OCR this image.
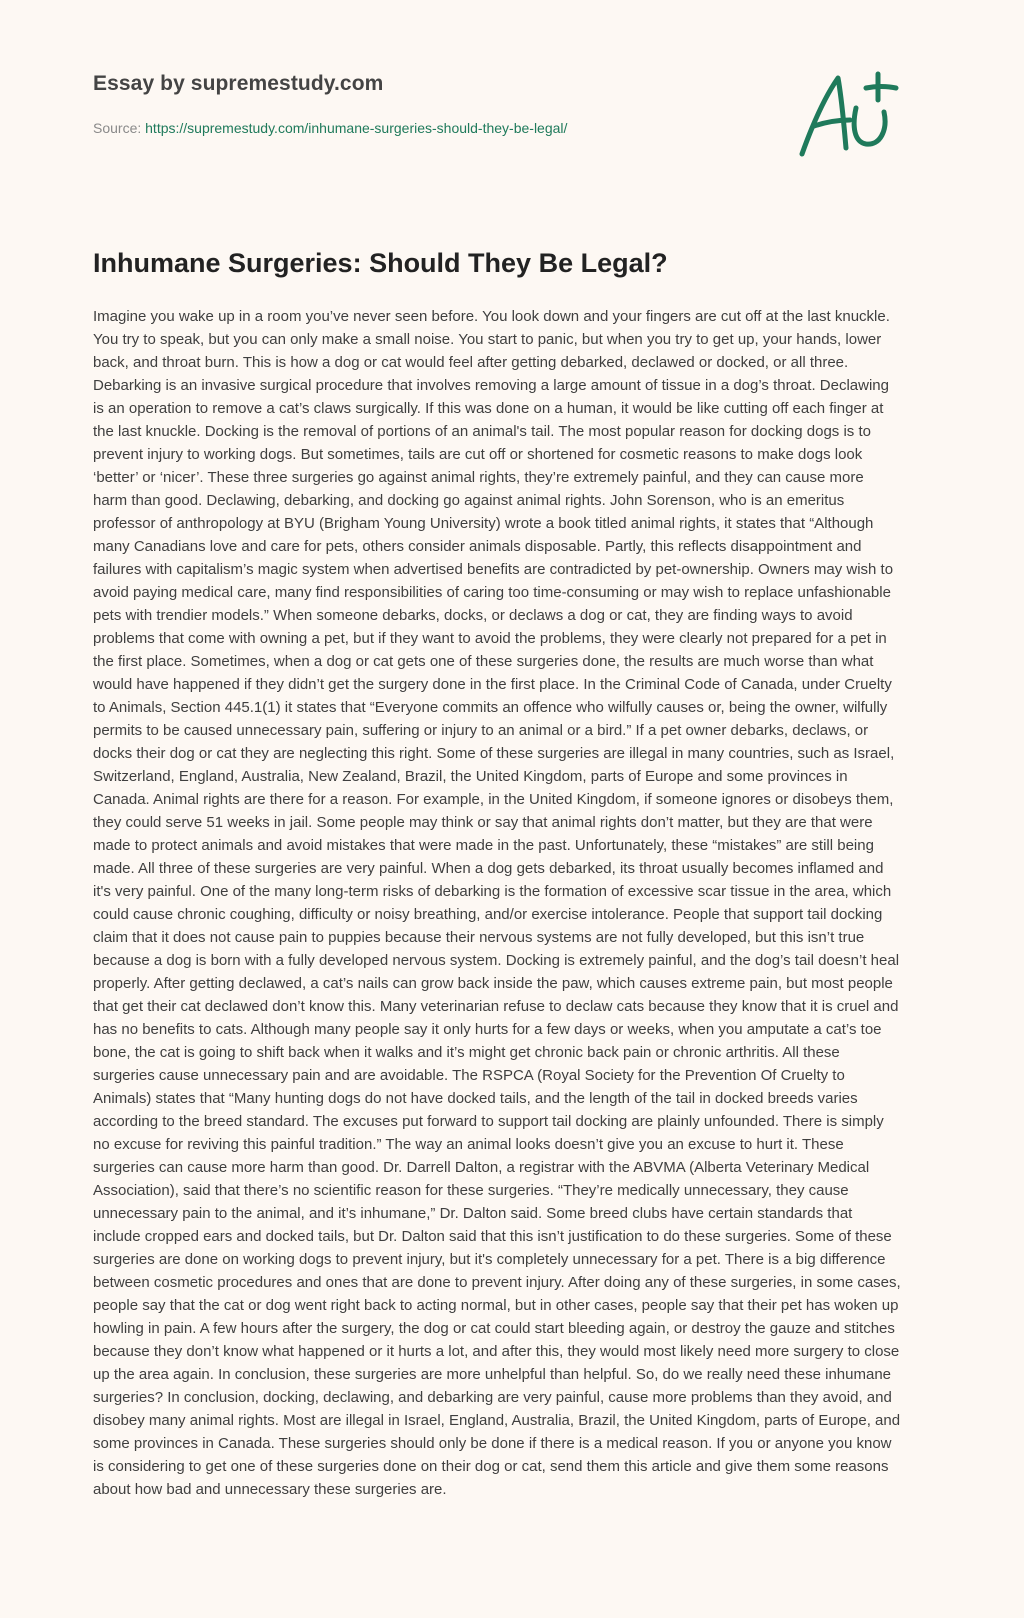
Essay by supremestudy.com

Source: https://supremestudy.com/inhumane-surgeries-should-they-be-legal/

Inhumane Surgeries: Should They Be Legal?

Imagine you wake up in a room you’ve never seen before. You look down and your fingers are cut off at the last knuckle. You try to speak, but you can only make a small noise. You start to panic, but when you try to get up, your hands, lower back, and throat burn. This is how a dog or cat would feel after getting debarked, declawed or docked, or all three. Debarking is an invasive surgical procedure that involves removing a large amount of tissue in a dog’s throat. Declawing is an operation to remove a cat’s claws surgically. If this was done on a human, it would be like cutting off each finger at the last knuckle. Docking is the removal of portions of an animal's tail. The most popular reason for docking dogs is to prevent injury to working dogs. But sometimes, tails are cut off or shortened for cosmetic reasons to make dogs look ‘better’ or ‘nicer’. These three surgeries go against animal rights, they’re extremely painful, and they can cause more harm than good. Declawing, debarking, and docking go against animal rights. John Sorenson, who is an emeritus professor of anthropology at BYU (Brigham Young University) wrote a book titled animal rights, it states that “Although many Canadians love and care for pets, others consider animals disposable. Partly, this reflects disappointment and failures with capitalism’s magic system when advertised benefits are contradicted by pet-ownership. Owners may wish to avoid paying medical care, many find responsibilities of caring too time-consuming or may wish to replace unfashionable pets with trendier models.” When someone debarks, docks, or declaws a dog or cat, they are finding ways to avoid problems that come with owning a pet, but if they want to avoid the problems, they were clearly not prepared for a pet in the first place. Sometimes, when a dog or cat gets one of these surgeries done, the results are much worse than what would have happened if they didn’t get the surgery done in the first place. In the Criminal Code of Canada, under Cruelty to Animals, Section 445.1(1) it states that “Everyone commits an offence who wilfully causes or, being the owner, wilfully permits to be caused unnecessary pain, suffering or injury to an animal or a bird.” If a pet owner debarks, declaws, or docks their dog or cat they are neglecting this right. Some of these surgeries are illegal in many countries, such as Israel, Switzerland, England, Australia, New Zealand, Brazil, the United Kingdom, parts of Europe and some provinces in Canada. Animal rights are there for a reason. For example, in the United Kingdom, if someone ignores or disobeys them, they could serve 51 weeks in jail. Some people may think or say that animal rights don’t matter, but they are that were made to protect animals and avoid mistakes that were made in the past. Unfortunately, these “mistakes” are still being made. All three of these surgeries are very painful. When a dog gets debarked, its throat usually becomes inflamed and it's very painful. One of the many long-term risks of debarking is the formation of excessive scar tissue in the area, which could cause chronic coughing, difficulty or noisy breathing, and/or exercise intolerance. People that support tail docking claim that it does not cause pain to puppies because their nervous systems are not fully developed, but this isn’t true because a dog is born with a fully developed nervous system. Docking is extremely painful, and the dog’s tail doesn’t heal properly. After getting declawed, a cat’s nails can grow back inside the paw, which causes extreme pain, but most people that get their cat declawed don’t know this. Many veterinarian refuse to declaw cats because they know that it is cruel and has no benefits to cats. Although many people say it only hurts for a few days or weeks, when you amputate a cat’s toe bone, the cat is going to shift back when it walks and it’s might get chronic back pain or chronic arthritis. All these surgeries cause unnecessary pain and are avoidable. The RSPCA (Royal Society for the Prevention Of Cruelty to Animals) states that “Many hunting dogs do not have docked tails, and the length of the tail in docked breeds varies according to the breed standard. The excuses put forward to support tail docking are plainly unfounded. There is simply no excuse for reviving this painful tradition.” The way an animal looks doesn’t give you an excuse to hurt it. These surgeries can cause more harm than good. Dr. Darrell Dalton, a registrar with the ABVMA (Alberta Veterinary Medical Association), said that there’s no scientific reason for these surgeries. “They’re medically unnecessary, they cause unnecessary pain to the animal, and it’s inhumane,” Dr. Dalton said. Some breed clubs have certain standards that include cropped ears and docked tails, but Dr. Dalton said that this isn’t justification to do these surgeries. Some of these surgeries are done on working dogs to prevent injury, but it's completely unnecessary for a pet. There is a big difference between cosmetic procedures and ones that are done to prevent injury. After doing any of these surgeries, in some cases, people say that the cat or dog went right back to acting normal, but in other cases, people say that their pet has woken up howling in pain. A few hours after the surgery, the dog or cat could start bleeding again, or destroy the gauze and stitches because they don’t know what happened or it hurts a lot, and after this, they would most likely need more surgery to close up the area again. In conclusion, these surgeries are more unhelpful than helpful. So, do we really need these inhumane surgeries? In conclusion, docking, declawing, and debarking are very painful, cause more problems than they avoid, and disobey many animal rights. Most are illegal in Israel, England, Australia, Brazil, the United Kingdom, parts of Europe, and some provinces in Canada. These surgeries should only be done if there is a medical reason. If you or anyone you know is considering to get one of these surgeries done on their dog or cat, send them this article and give them some reasons about how bad and unnecessary these surgeries are.
